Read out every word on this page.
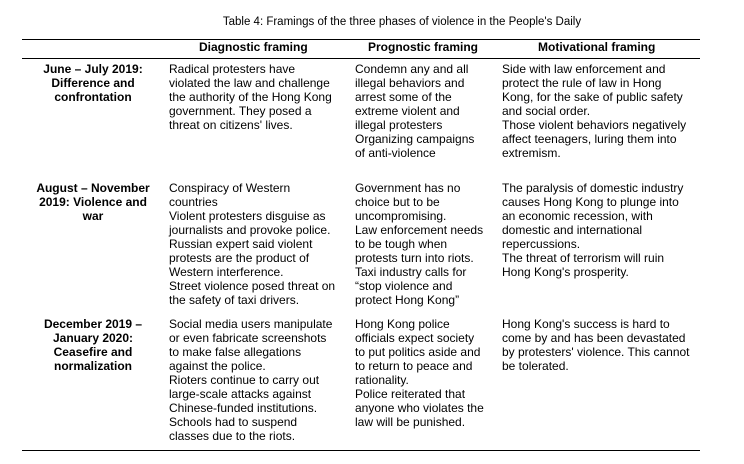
Table 4: Framings of the three phases of violence in the People's Daily
Diagnostic framing	Prognostic framing	Motivational framing
June – July 2019:
Difference and
confrontation
Radical protesters have
violated the law and challenge
the authority of the Hong Kong
government. They posed a
threat on citizens' lives.
Condemn any and all
illegal behaviors and
arrest some of the
extreme violent and
illegal protesters
Organizing campaigns
of anti-violence
Side with law enforcement and
protect the rule of law in Hong
Kong, for the sake of public safety
and social order.
Those violent behaviors negatively
affect teenagers, luring them into
extremism.
August – November
2019: Violence and
war
Conspiracy of Western
countries
Violent protesters disguise as
journalists and provoke police.
Russian expert said violent
protests are the product of
Western interference.
Street violence posed threat on
the safety of taxi drivers.
Government has no
choice but to be
uncompromising.
Law enforcement needs
to be tough when
protests turn into riots.
Taxi industry calls for
“stop violence and
protect Hong Kong”
The paralysis of domestic industry
causes Hong Kong to plunge into
an economic recession, with
domestic and international
repercussions.
The threat of terrorism will ruin
Hong Kong's prosperity.
December 2019 –
January 2020:
Ceasefire and
normalization
Social media users manipulate
or even fabricate screenshots
to make false allegations
against the police.
Rioters continue to carry out
large-scale attacks against
Chinese-funded institutions.
Schools had to suspend
classes due to the riots.
Hong Kong police
officials expect society
to put politics aside and
to return to peace and
rationality.
Police reiterated that
anyone who violates the
law will be punished.
Hong Kong's success is hard to
come by and has been devastated
by protesters' violence. This cannot
be tolerated.
